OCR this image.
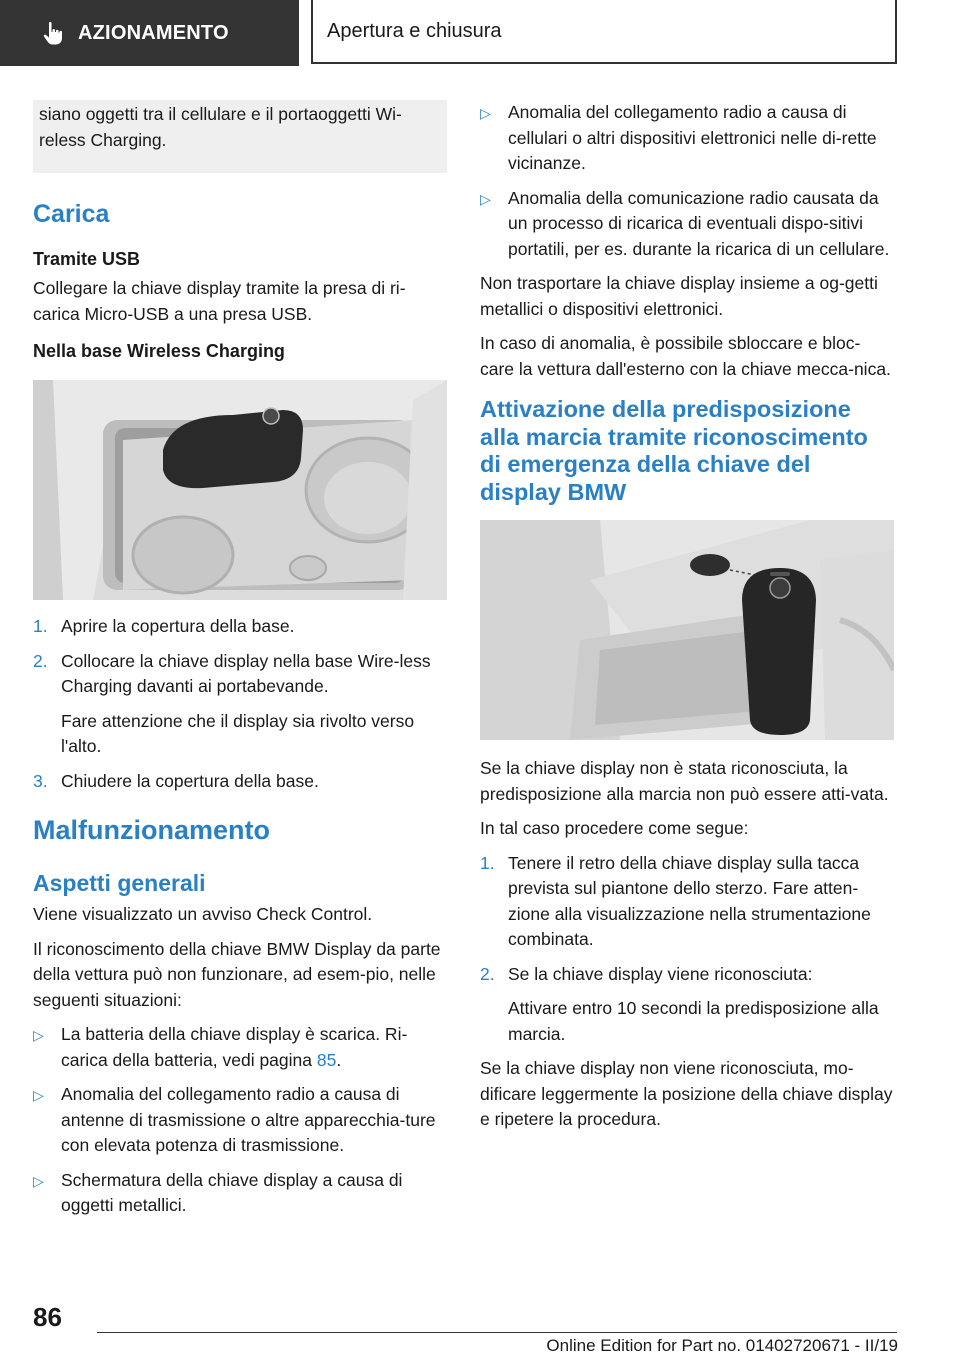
AZIONAMENTO	Apertura e chiusura

siano oggetti tra il cellulare e il portaoggetti Wi-reless Charging.

Carica
Tramite USB

Collegare la chiave display tramite la presa di ri-carica Micro-USB a una presa USB.

Nella base Wireless Charging
1. Aprire la copertura della base.
2. Collocare la chiave display nella base Wire-less Charging davanti ai portabevande.
Fare attenzione che il display sia rivolto verso l'alto.
3. Chiudere la copertura della base.
Malfunzionamento
Aspetti generali

Viene visualizzato un avviso Check Control.

Il riconoscimento della chiave BMW Display da parte della vettura può non funzionare, ad esem-pio, nelle seguenti situazioni:

▷ La batteria della chiave display è scarica. Ri-carica della batteria, vedi pagina 85.
▷ Anomalia del collegamento radio a causa di antenne di trasmissione o altre apparecchia-ture con elevata potenza di trasmissione.
▷ Schermatura della chiave display a causa di oggetti metallici.
▷ Anomalia del collegamento radio a causa di cellulari o altri dispositivi elettronici nelle di-rette vicinanze.
▷ Anomalia della comunicazione radio causata da un processo di ricarica di eventuali dispo-sitivi portatili, per es. durante la ricarica di un cellulare.

Non trasportare la chiave display insieme a og-getti metallici o dispositivi elettronici.

In caso di anomalia, è possibile sbloccare e bloc-care la vettura dall'esterno con la chiave mecca-nica.

Attivazione della predisposizione alla marcia tramite riconoscimento di emergenza della chiave del display BMW

Se la chiave display non è stata riconosciuta, la predisposizione alla marcia non può essere atti-vata.

In tal caso procedere come segue:

1. Tenere il retro della chiave display sulla tacca prevista sul piantone dello sterzo. Fare atten-zione alla visualizzazione nella strumentazione combinata.
2. Se la chiave display viene riconosciuta:
Attivare entro 10 secondi la predisposizione alla marcia.

Se la chiave display non viene riconosciuta, mo-dificare leggermente la posizione della chiave display e ripetere la procedura.

86
Online Edition for Part no. 01402720671 - II/19
